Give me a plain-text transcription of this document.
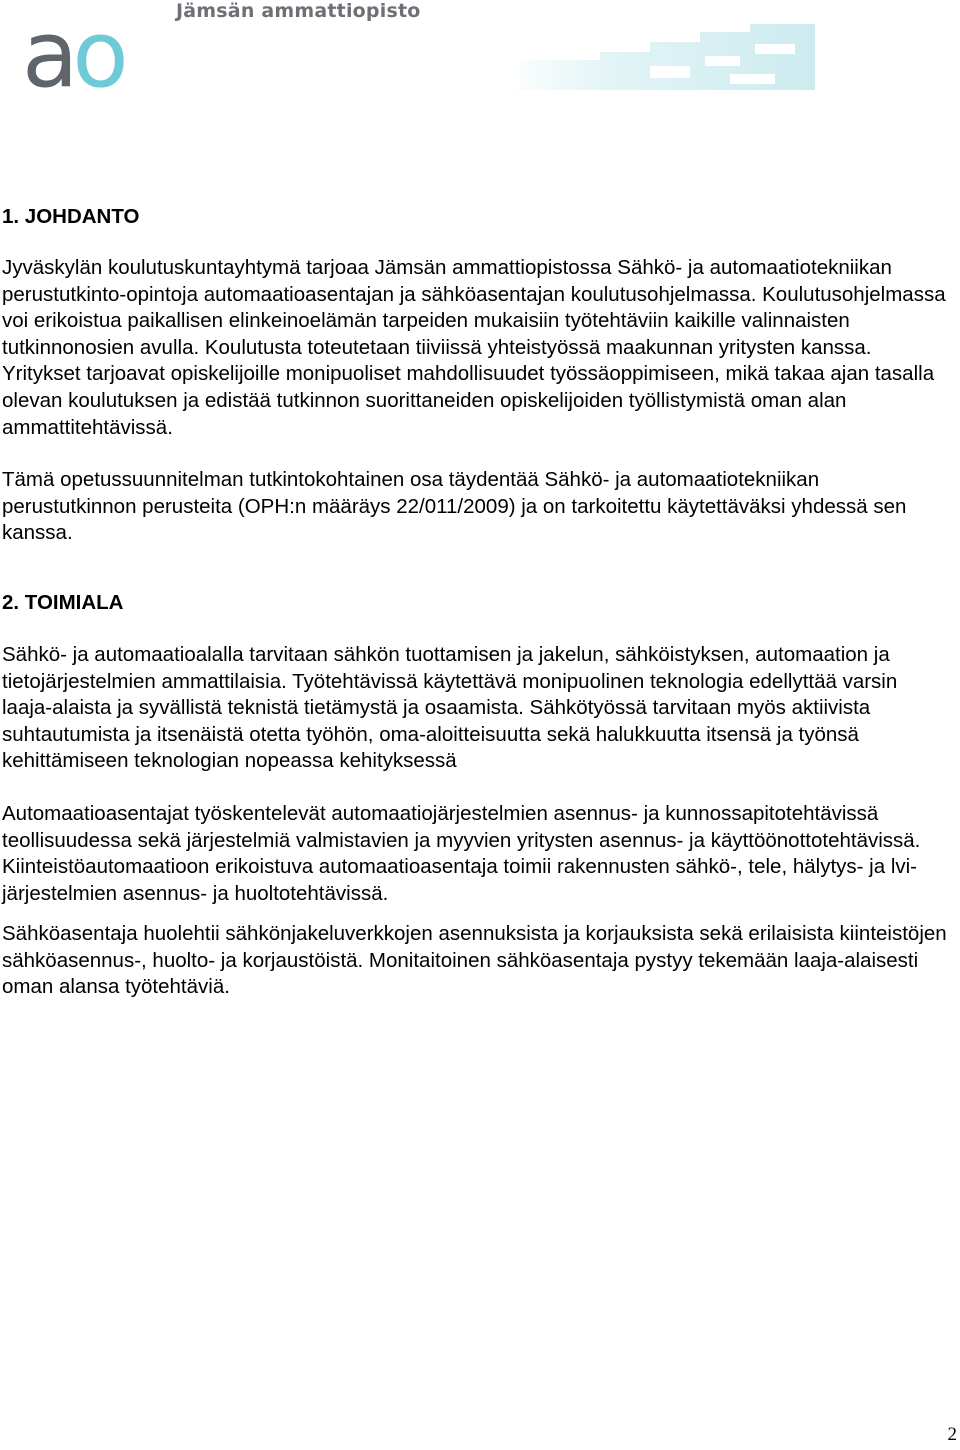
ao	Jämsän ammattiopisto
1. JOHDANTO

Jyväskylän koulutuskuntayhtymä tarjoaa Jämsän ammattiopistossa Sähkö- ja automaatiotekniikan perustutkinto-opintoja automaatioasentajan ja sähköasentajan koulutusohjelmassa. Koulutusohjelmassa voi erikoistua paikallisen elinkeinoelämän tarpeiden mukaisiin työtehtäviin kaikille valinnaisten tutkinnonosien avulla. Koulutusta toteutetaan tiiviissä yhteistyössä maakunnan yritysten kanssa. Yritykset tarjoavat opiskelijoille monipuoliset mahdollisuudet työssäoppimiseen, mikä takaa ajan tasalla olevan koulutuksen ja edistää tutkinnon suorittaneiden opiskelijoiden työllistymistä oman alan ammattitehtävissä.

Tämä opetussuunnitelman tutkintokohtainen osa täydentää Sähkö- ja automaatiotekniikan perustutkinnon perusteita (OPH:n määräys 22/011/2009) ja on tarkoitettu käytettäväksi yhdessä sen kanssa.

2. TOIMIALA

Sähkö- ja automaatioalalla tarvitaan sähkön tuottamisen ja jakelun, sähköistyksen, automaation ja tietojärjestelmien ammattilaisia. Työtehtävissä käytettävä monipuolinen teknologia edellyttää varsin laaja-alaista ja syvällistä teknistä tietämystä ja osaamista. Sähkötyössä tarvitaan myös aktiivista suhtautumista ja itsenäistä otetta työhön, oma-aloitteisuutta sekä halukkuutta itsensä ja työnsä kehittämiseen teknologian nopeassa kehityksessä

Automaatioasentajat työskentelevät automaatiojärjestelmien asennus- ja kunnossapitotehtävissä teollisuudessa sekä järjestelmiä valmistavien ja myyvien yritysten asennus- ja käyttöönottotehtävissä. Kiinteistöautomaatioon erikoistuva automaatioasentaja toimii rakennusten sähkö-, tele, hälytys- ja lvi-järjestelmien asennus- ja huoltotehtävissä.

Sähköasentaja huolehtii sähkönjakeluverkkojen asennuksista ja korjauksista sekä erilaisista kiinteistöjen sähköasennus-, huolto- ja korjaustöistä. Monitaitoinen sähköasentaja pystyy tekemään laaja-alaisesti oman alansa työtehtäviä.

2
